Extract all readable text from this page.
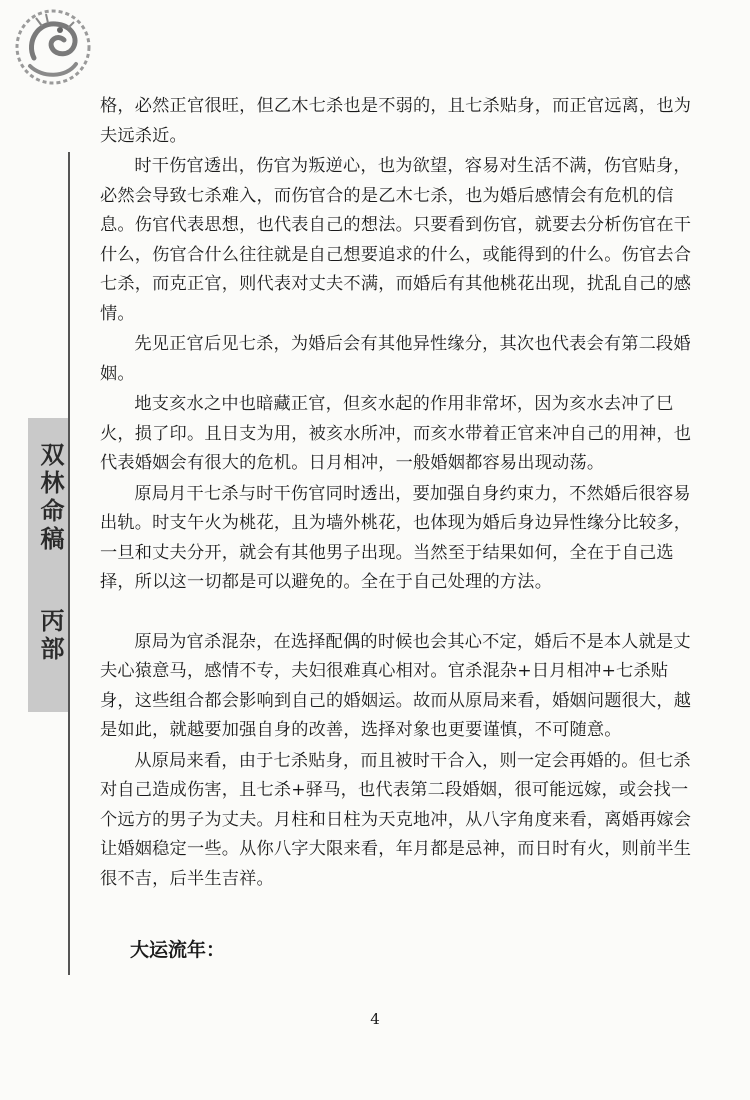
双林命稿
丙部

格，必然正官很旺，但乙木七杀也是不弱的，且七杀贴身，而正官远离，也为夫远杀近。

时干伤官透出，伤官为叛逆心，也为欲望，容易对生活不满，伤官贴身，必然会导致七杀难入，而伤官合的是乙木七杀，也为婚后感情会有危机的信息。伤官代表思想，也代表自己的想法。只要看到伤官，就要去分析伤官在干什么，伤官合什么往往就是自己想要追求的什么，或能得到的什么。伤官去合七杀，而克正官，则代表对丈夫不满，而婚后有其他桃花出现，扰乱自己的感情。

先见正官后见七杀，为婚后会有其他异性缘分，其次也代表会有第二段婚姻。

地支亥水之中也暗藏正官，但亥水起的作用非常坏，因为亥水去冲了巳火，损了印。且日支为用，被亥水所冲，而亥水带着正官来冲自己的用神，也代表婚姻会有很大的危机。日月相冲，一般婚姻都容易出现动荡。

原局月干七杀与时干伤官同时透出，要加强自身约束力，不然婚后很容易出轨。时支午火为桃花，且为墙外桃花，也体现为婚后身边异性缘分比较多，一旦和丈夫分开，就会有其他男子出现。当然至于结果如何，全在于自己选择，所以这一切都是可以避免的。全在于自己处理的方法。

原局为官杀混杂，在选择配偶的时候也会其心不定，婚后不是本人就是丈夫心猿意马，感情不专，夫妇很难真心相对。官杀混杂+日月相冲+七杀贴身，这些组合都会影响到自己的婚姻运。故而从原局来看，婚姻问题很大，越是如此，就越要加强自身的改善，选择对象也更要谨慎，不可随意。

从原局来看，由于七杀贴身，而且被时干合入，则一定会再婚的。但七杀对自己造成伤害，且七杀+驿马，也代表第二段婚姻，很可能远嫁，或会找一个远方的男子为丈夫。月柱和日柱为天克地冲，从八字角度来看，离婚再嫁会让婚姻稳定一些。从你八字大限来看，年月都是忌神，而日时有火，则前半生很不吉，后半生吉祥。

大运流年：
4
